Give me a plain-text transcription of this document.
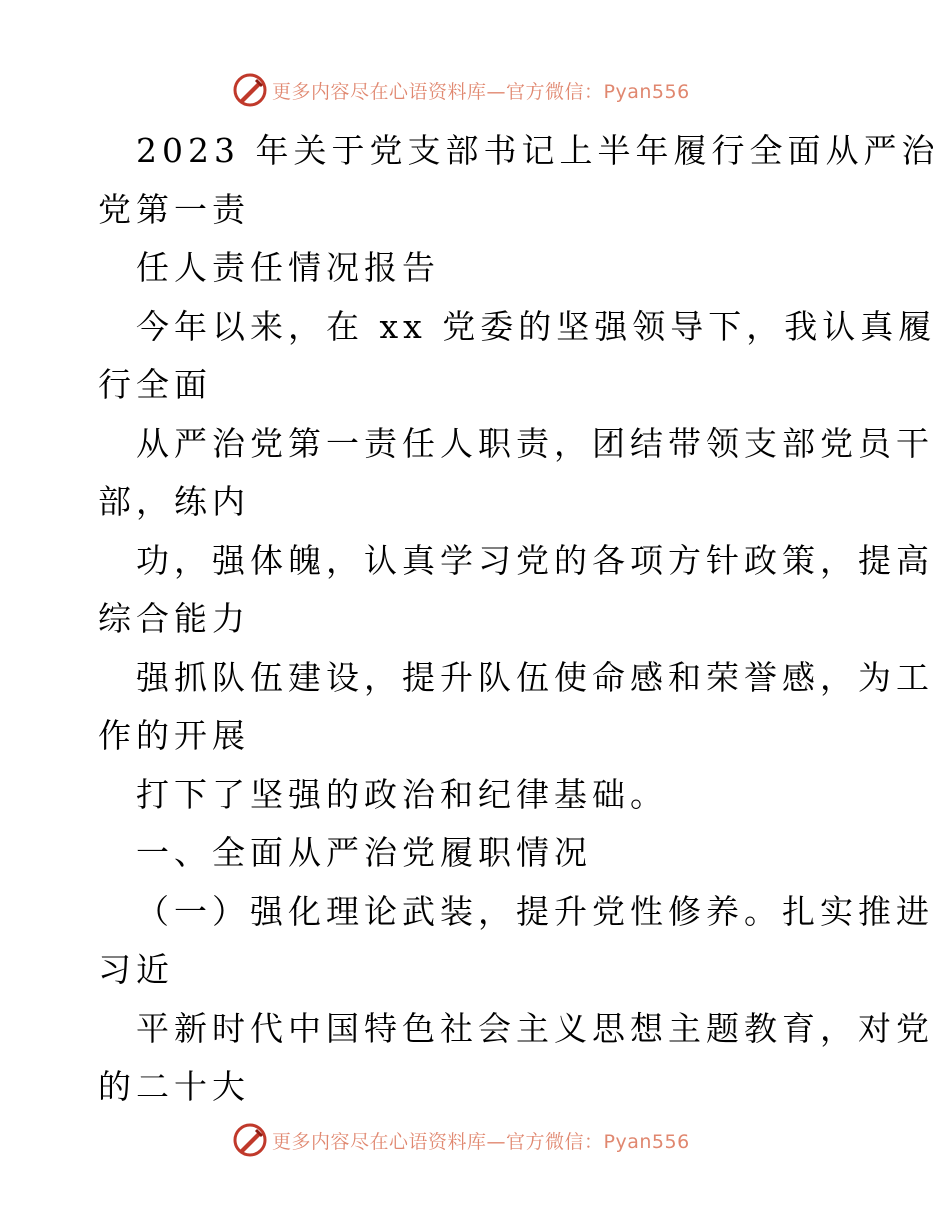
更多内容尽在心语资料库—官方微信：Pyan556
2023 年关于党支部书记上半年履行全面从严治
党第一责
任人责任情况报告
今年以来，在 xx 党委的坚强领导下，我认真履
行全面
从严治党第一责任人职责，团结带领支部党员干
部，练内
功，强体魄，认真学习党的各项方针政策，提高
综合能力
强抓队伍建设，提升队伍使命感和荣誉感，为工
作的开展
打下了坚强的政治和纪律基础。
一、全面从严治党履职情况
（一）强化理论武装，提升党性修养。扎实推进
习近
平新时代中国特色社会主义思想主题教育，对党
的二十大
更多内容尽在心语资料库—官方微信：Pyan556
